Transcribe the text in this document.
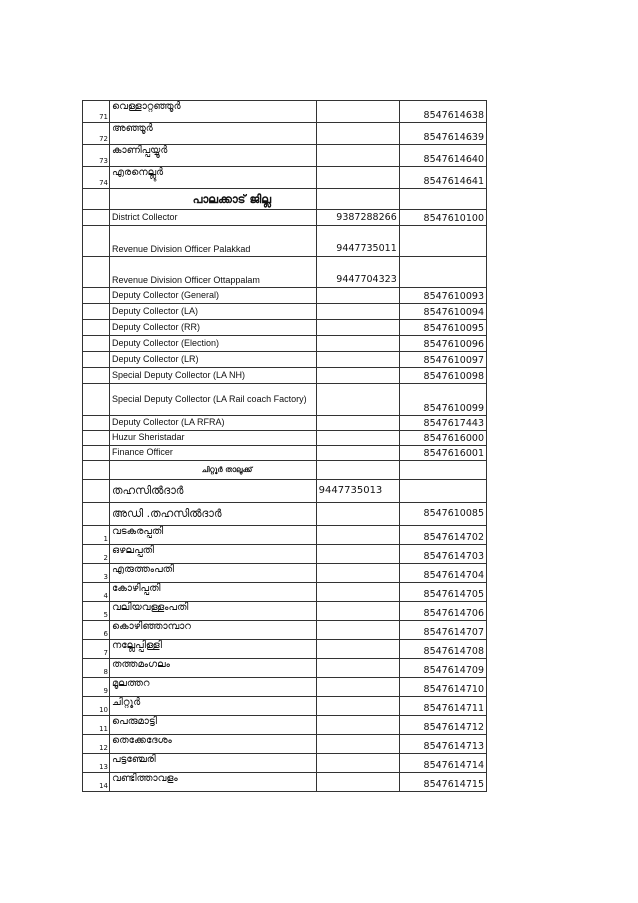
71	വെള്ളാറ്റഞ്ഞൂർ		8547614638
72	അഞ്ഞൂർ		8547614639
73	കാണിപ്പയ്യൂർ		8547614640
74	എരനെല്ലൂർ		8547614641
	പാലക്കാട് ജില്ല		
	District Collector	9387288266	8547610100
	Revenue Division Officer Palakkad	9447735011	
	Revenue Division Officer Ottappalam	9447704323	
	Deputy Collector (General)		8547610093
	Deputy Collector (LA)		8547610094
	Deputy Collector (RR)		8547610095
	Deputy Collector (Election)		8547610096
	Deputy Collector (LR)		8547610097
	Special Deputy Collector (LA NH)		8547610098
	Special Deputy Collector (LA Rail coach Factory)		8547610099
	Deputy Collector (LA RFRA)		8547617443
	Huzur Sheristadar		8547616000
	Finance Officer		8547616001
	ചിറ്റൂർ താലൂക്ക്		
	തഹസിൽദാർ	9447735013	
	അഡി .തഹസിൽദാർ		8547610085
1	വടകരപ്പതി		8547614702
2	ഒഴലപ്പതി		8547614703
3	എരുത്തംപതി		8547614704
4	കോഴിപ്പതി		8547614705
5	വലിയവള്ളംപതി		8547614706
6	കൊഴിഞ്ഞാമ്പാറ		8547614707
7	നല്ലേപ്പിള്ളി		8547614708
8	തത്തമംഗലം		8547614709
9	മൂലത്തറ		8547614710
10	ചിറ്റൂർ		8547614711
11	പെരുമാട്ടി		8547614712
12	തെക്കേദേശം		8547614713
13	പട്ടഞ്ചേരി		8547614714
14	വണ്ടിത്താവളം		8547614715
